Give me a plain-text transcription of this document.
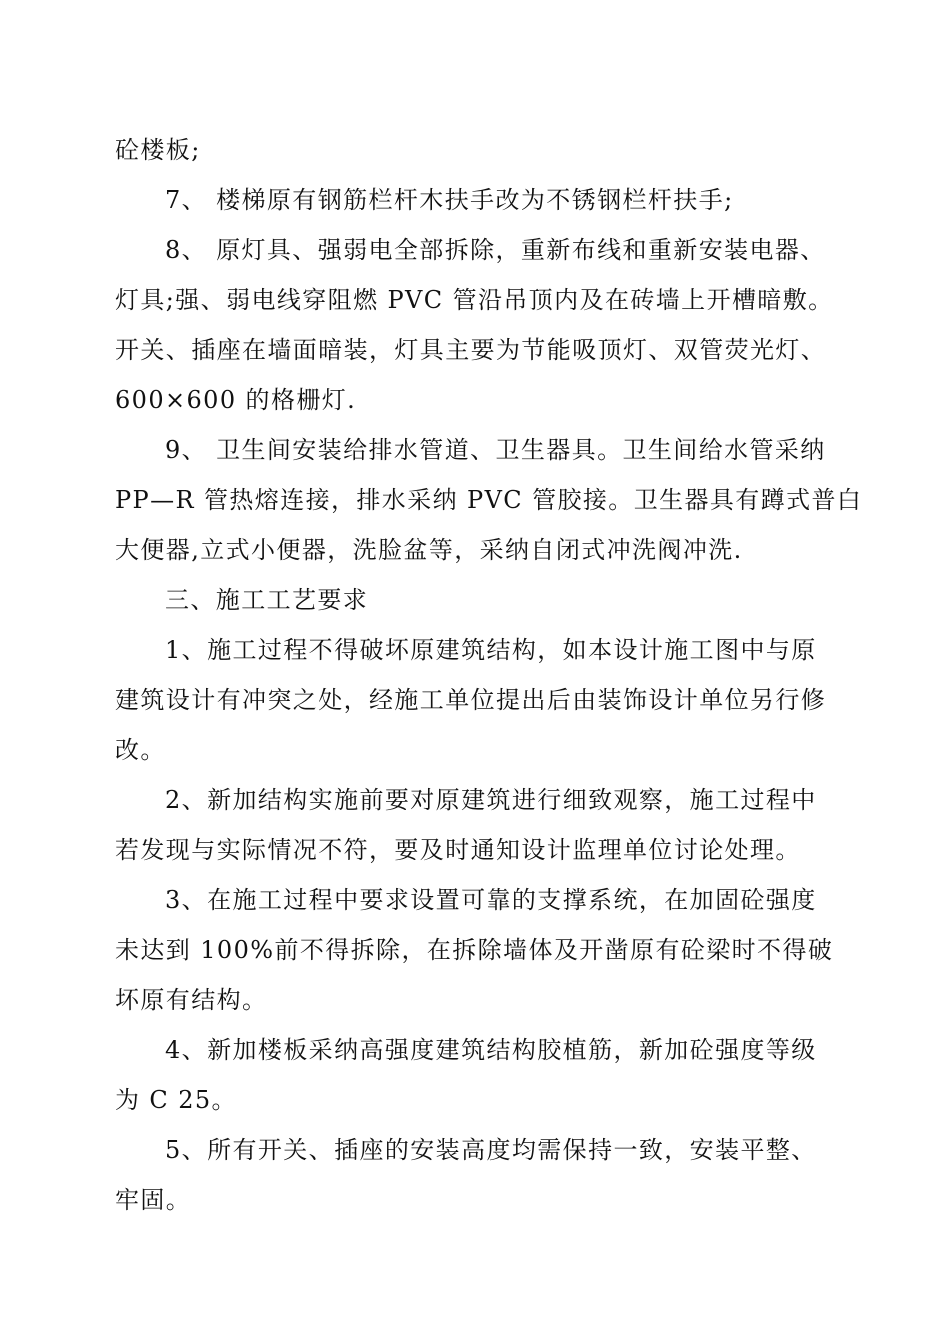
砼楼板;
7、 楼梯原有钢筋栏杆木扶手改为不锈钢栏杆扶手;
8、 原灯具、强弱电全部拆除，重新布线和重新安装电器、
灯具;强、弱电线穿阻燃 PVC 管沿吊顶内及在砖墙上开槽暗敷。
开关、插座在墙面暗装，灯具主要为节能吸顶灯、双管荧光灯、
600×600 的格栅灯.
9、 卫生间安装给排水管道、卫生器具。卫生间给水管采纳
PP—R 管热熔连接，排水采纳 PVC 管胶接。卫生器具有蹲式普白
大便器,立式小便器，洗脸盆等，采纳自闭式冲洗阀冲洗.
三、施工工艺要求
1、施工过程不得破坏原建筑结构，如本设计施工图中与原
建筑设计有冲突之处，经施工单位提出后由装饰设计单位另行修
改。
2、新加结构实施前要对原建筑进行细致观察，施工过程中
若发现与实际情况不符，要及时通知设计监理单位讨论处理。
3、在施工过程中要求设置可靠的支撑系统，在加固砼强度
未达到 100%前不得拆除，在拆除墙体及开凿原有砼梁时不得破
坏原有结构。
4、新加楼板采纳高强度建筑结构胶植筋，新加砼强度等级
为 C 25。
5、所有开关、插座的安装高度均需保持一致，安装平整、
牢固。
